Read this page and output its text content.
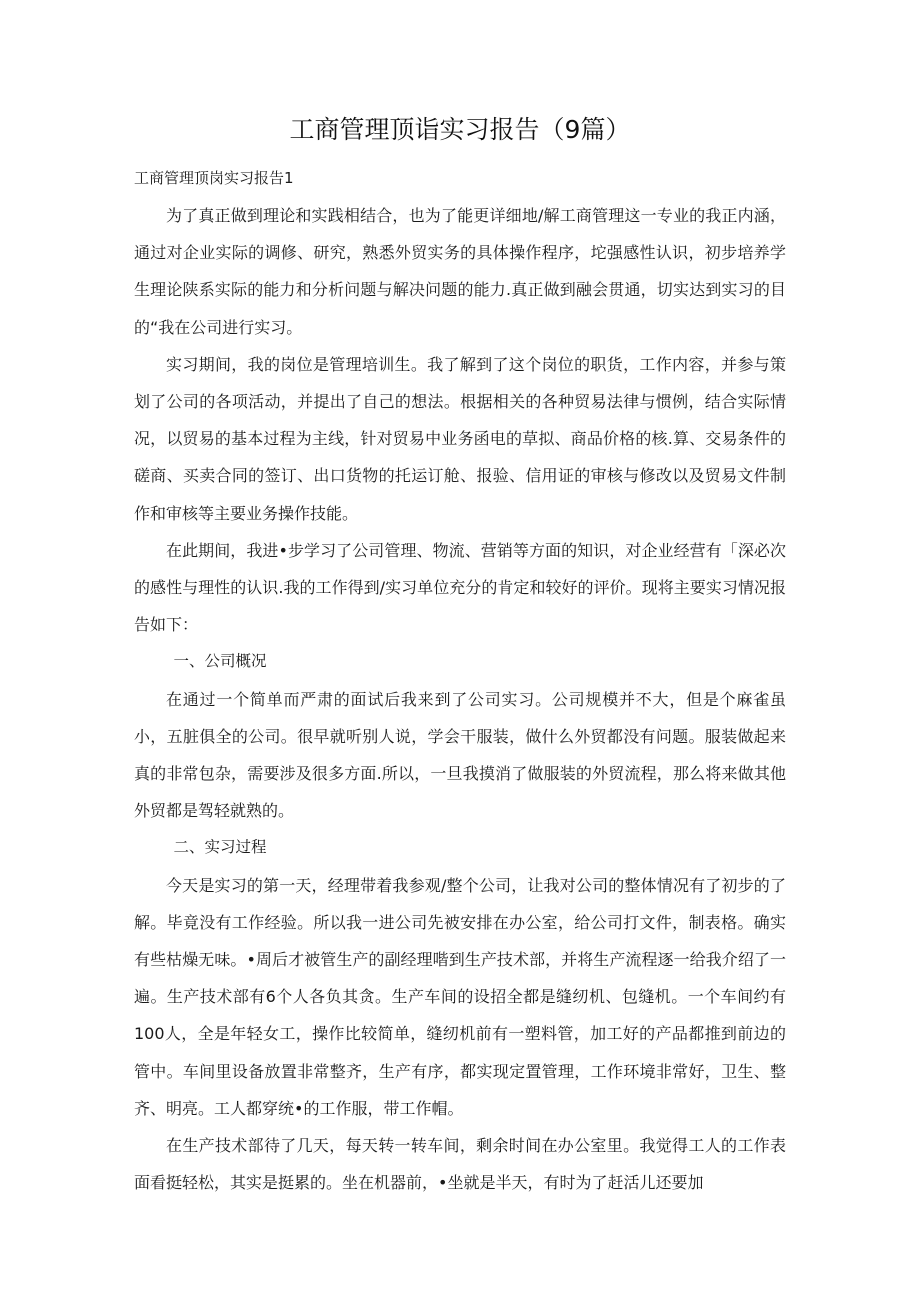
工商管理顶诣实习报告（9篇）
工商管理顶岗实习报告1

为了真正做到理论和实践相结合，也为了能更详细地/解工商管理这一专业的我正内涵，通过对企业实际的调修、研究，熟悉外贸实务的具体操作程序，坨强感性认识，初步培养学生理论陕系实际的能力和分析问题与解决问题的能力.真正做到融会贯通，切实达到实习的目的“我在公司进行实习。

实习期间，我的岗位是管理培训生。我了解到了这个岗位的职货，工作内容，并参与策划了公司的各项活动，并提出了自己的想法。根据相关的各种贸易法律与惯例，结合实际情况，以贸易的基本过程为主线，针对贸易中业务函电的草拟、商品价格的核.算、交易条件的磋商、买卖合同的签订、出口货物的托运订舱、报验、信用证的审核与修改以及贸易文件制作和审核等主要业务操作技能。

在此期间，我进•步学习了公司管理、物流、营销等方面的知识，对企业经营有「深必次的感性与理性的认识.我的工作得到/实习单位充分的肯定和较好的评价。现将主要实习情况报告如下：

一、公司概况

在通过一个简单而严肃的面试后我来到了公司实习。公司规模并不大，但是个麻雀虽小，五脏俱全的公司。很早就听别人说，学会干服装，做什么外贸都没有问题。服装做起来真的非常包杂，需要涉及很多方面.所以，一旦我摸消了做服装的外贸流程，那么将来做其他外贸都是驾轻就熟的。

二、实习过程

今天是实习的第一天，经理带着我参观/整个公司，让我对公司的整体情况有了初步的了解。毕竟没有工作经验。所以我一进公司先被安排在办公室，给公司打文件，制表格。确实有些枯燥无味。•周后才被管生产的副经理喈到生产技术部，并将生产流程逐一给我介绍了一遍。生产技术部有6个人各负其贪。生产车间的设招全都是缝纫机、包缝机。一个车间约有100人，全是年轻女工，操作比较简单，缝纫机前有一塑料管，加工好的产品都推到前边的管中。车间里设备放置非常整齐，生产有序，都实现定置管理，工作环境非常好，卫生、整齐、明亮。工人都穿统•的工作服，带工作帽。

在生产技术部待了几天，每天转一转车间，剩余时间在办公室里。我觉得工人的工作表面看挺轻松，其实是挺累的。坐在机器前，•坐就是半天，有时为了赶活儿还要加
